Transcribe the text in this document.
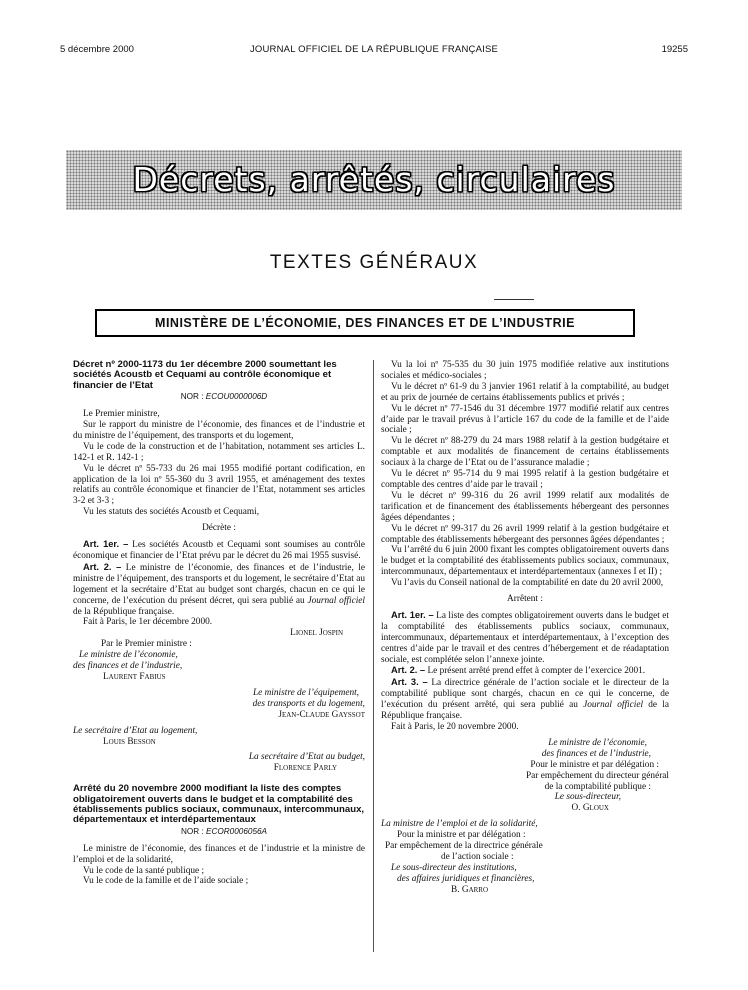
5 décembre 2000	JOURNAL OFFICIEL DE LA RÉPUBLIQUE FRANÇAISE	19255
Décrets, arrêtés, circulaires
TEXTES GÉNÉRAUX
MINISTÈRE DE L’ÉCONOMIE, DES FINANCES ET DE L’INDUSTRIE

Décret nº 2000-1173 du 1er décembre 2000 soumettant les sociétés Acoustb et Cequami au contrôle économique et financier de l’Etat

NOR : ECOU0000006D

Le Premier ministre,

Sur le rapport du ministre de l’économie, des finances et de l’industrie et du ministre de l’équipement, des transports et du logement,

Vu le code de la construction et de l’habitation, notamment ses articles L. 142-1 et R. 142-1 ;

Vu le décret nº 55-733 du 26 mai 1955 modifié portant codification, en application de la loi nº 55-360 du 3 avril 1955, et aménagement des textes relatifs au contrôle économique et financier de l’Etat, notamment ses articles 3-2 et 3-3 ;

Vu les statuts des sociétés Acoustb et Cequami,

Décrète :

Art. 1er. – Les sociétés Acoustb et Cequami sont soumises au contrôle économique et financier de l’Etat prévu par le décret du 26 mai 1955 susvisé.

Art. 2. – Le ministre de l’économie, des finances et de l’industrie, le ministre de l’équipement, des transports et du logement, le secrétaire d’Etat au logement et la secrétaire d’Etat au budget sont chargés, chacun en ce qui le concerne, de l’exécution du présent décret, qui sera publié au Journal officiel de la République française.

Fait à Paris, le 1er décembre 2000.

Lionel Jospin

Par le Premier ministre :

Le ministre de l’économie,

des finances et de l’industrie,

Laurent Fabius

Le ministre de l’équipement,

des transports et du logement,

Jean-Claude Gayssot

Le secrétaire d’Etat au logement,

Louis Besson

La secrétaire d’Etat au budget,

Florence Parly

Arrêté du 20 novembre 2000 modifiant la liste des comptes obligatoirement ouverts dans le budget et la comptabilité des établissements publics sociaux, communaux, intercommunaux, départementaux et interdépartementaux

NOR : ECOR0006056A

Le ministre de l’économie, des finances et de l’industrie et la ministre de l’emploi et de la solidarité,

Vu le code de la santé publique ;

Vu le code de la famille et de l’aide sociale ;

Vu la loi nº 75-535 du 30 juin 1975 modifiée relative aux institutions sociales et médico-sociales ;

Vu le décret nº 61-9 du 3 janvier 1961 relatif à la comptabilité, au budget et au prix de journée de certains établissements publics et privés ;

Vu le décret nº 77-1546 du 31 décembre 1977 modifié relatif aux centres d’aide par le travail prévus à l’article 167 du code de la famille et de l’aide sociale ;

Vu le décret nº 88-279 du 24 mars 1988 relatif à la gestion budgétaire et comptable et aux modalités de financement de certains établissements sociaux à la charge de l’Etat ou de l’assurance maladie ;

Vu le décret nº 95-714 du 9 mai 1995 relatif à la gestion budgétaire et comptable des centres d’aide par le travail ;

Vu le décret nº 99-316 du 26 avril 1999 relatif aux modalités de tarification et de financement des établissements hébergeant des personnes âgées dépendantes ;

Vu le décret nº 99-317 du 26 avril 1999 relatif à la gestion budgétaire et comptable des établissements hébergeant des personnes âgées dépendantes ;

Vu l’arrêté du 6 juin 2000 fixant les comptes obligatoirement ouverts dans le budget et la comptabilité des établissements publics sociaux, communaux, intercommunaux, départementaux et interdépartementaux (annexes I et II) ;

Vu l’avis du Conseil national de la comptabilité en date du 20 avril 2000,

Arrêtent :

Art. 1er. – La liste des comptes obligatoirement ouverts dans le budget et la comptabilité des établissements publics sociaux, communaux, intercommunaux, départementaux et interdépartementaux, à l’exception des centres d’aide par le travail et des centres d’hébergement et de réadaptation sociale, est complétée selon l’annexe jointe.

Art. 2. – Le présent arrêté prend effet à compter de l’exercice 2001.

Art. 3. – La directrice générale de l’action sociale et le directeur de la comptabilité publique sont chargés, chacun en ce qui le concerne, de l’exécution du présent arrêté, qui sera publié au Journal officiel de la République française.

Fait à Paris, le 20 novembre 2000.

Le ministre de l’économie,

des finances et de l’industrie,

Pour le ministre et par délégation :

Par empêchement du directeur général

de la comptabilité publique :

Le sous-directeur,

O. Gloux

La ministre de l’emploi et de la solidarité,

Pour la ministre et par délégation :

Par empêchement de la directrice générale

de l’action sociale :

Le sous-directeur des institutions,

des affaires juridiques et financières,

B. Garro
